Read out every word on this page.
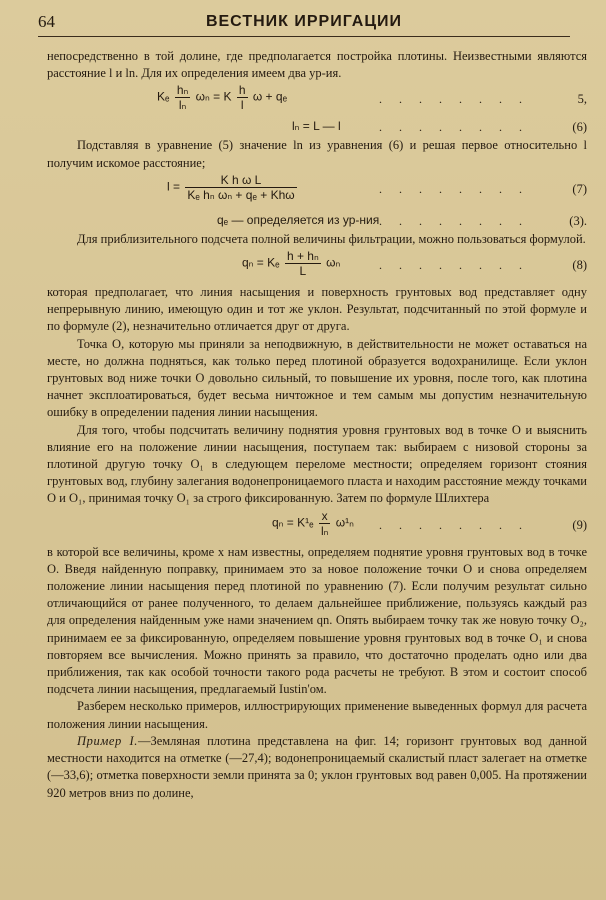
64	ВЕСТНИК ИРРИГАЦИИ

непосредственно в той долине, где предполагается постройка плотины. Неизвестными являются расстояние l и ln. Для их определения имеем два ур-ия.

Kₑ $\frac{\text{hₙ}}{\text{lₙ}}$ ωₙ = K $\frac{h}{l}$ ω + qₑ	. . . . . . . .	5,
lₙ = L — l	. . . . . . . .	(6)

Подставляя в уравнение (5) значение ln из уравнения (6) и решая первое относительно l получим искомое расстояние;

$l = \frac{\text{K h ω L}}{\text{Kₑ hₙ ωₙ + qₑ + Khω}}$	. . . . . . . .	(7)
qₑ — определяется из ур-ния . . . . . . . .	(3).

Для приблизительного подсчета полной величины фильтрации, можно пользоваться формулой.

qₙ = Kₑ $\frac{\text{h + hₙ}}{L}$ ωₙ	. . . . . . . .	(8)

которая предполагает, что линия насыщения и поверхность грунтовых вод представляет одну непрерывную линию, имеющую один и тот же уклон. Результат, подсчитанный по этой формуле и по формуле (2), незначительно отличается друг от друга.

Точка О, которую мы приняли за неподвижную, в действительности не может оставаться на месте, но должна подняться, как только перед плотиной образуется водохранилище. Если уклон грунтовых вод ниже точки О довольно сильный, то повышение их уровня, после того, как плотина начнет эксплоатироваться, будет весьма ничтожное и тем самым мы допустим незначительную ошибку в определении падения линии насыщения.

Для того, чтобы подсчитать величину поднятия уровня грунтовых вод в точке О и выяснить влияние его на положение линии насыщения, поступаем так: выбираем с низовой стороны за плотиной другую точку O₁ в следующем переломе местности; определяем горизонт стояния грунтовых вод, глубину залегания водонепроницаемого пласта и находим расстояние между точками О и O₁, принимая точку O₁ за строго фиксированную. Затем по формуле Шлихтера

$q_n = K^1_e \frac{x}{\text{lₙ}} \omega^1_n$ . . . . . . . .	(9)

в которой все величины, кроме x нам известны, определяем поднятие уровня грунтовых вод в точке О. Введя найденную поправку, принимаем это за новое положение точки О и снова определяем положение линии насыщения перед плотиной по уравнению (7). Если получим результат сильно отличающийся от ранее полученного, то делаем дальнейшее приближение, пользуясь каждый раз для определения найденным уже нами значением qn. Опять выбираем точку так же новую точку O₂, принимаем ее за фиксированную, определяем повышение уровня грунтовых вод в точке O₁ и снова повторяем все вычисления. Можно принять за правило, что достаточно проделать одно или два приближения, так как особой точности такого рода расчеты не требуют. В этом и состоит способ подсчета линии насыщения, предлагаемый Iustin'ом.

Разберем несколько примеров, иллюстрирующих применение выведенных формул для расчета положения линии насыщения.

Пример I.—Земляная плотина представлена на фиг. 14; горизонт грунтовых вод данной местности находится на отметке (—27,4); водонепроницаемый скалистый пласт залегает на отметке (—33,6); отметка поверхности земли принята за 0; уклон грунтовых вод равен 0,005. На протяжении 920 метров вниз по долине,
